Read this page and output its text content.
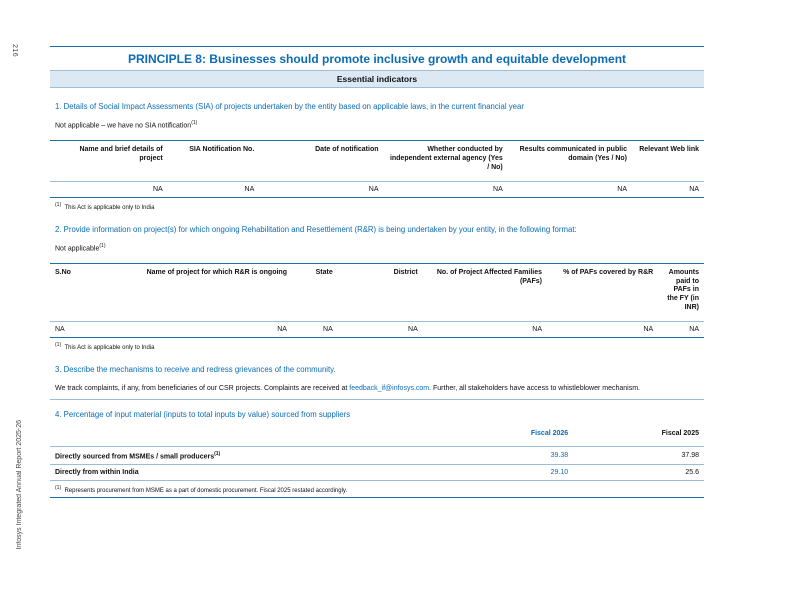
216
Infosys Integrated Annual Report 2025-26
PRINCIPLE 8: Businesses should promote inclusive growth and equitable development
Essential indicators
1. Details of Social Impact Assessments (SIA) of projects undertaken by the entity based on applicable laws, in the current financial year
Not applicable – we have no SIA notification$^{(1)}$
Name and brief details of project	SIA Notification No.	Date of notification	Whether conducted by independent external agency (Yes / No)	Results communicated in public domain (Yes / No)	Relevant Web link
NA	NA	NA	NA	NA	NA
$^{(1)}$ This Act is applicable only to India
2. Provide information on project(s) for which ongoing Rehabilitation and Resettlement (R&R) is being undertaken by your entity, in the following format:
Not applicable$^{(1)}$
S.No	Name of project for which R&R is ongoing	State	District	No. of Project Affected Families (PAFs)	% of PAFs covered by R&R	Amounts paid to PAFs in the FY (in INR)
NA	NA	NA	NA	NA	NA	NA
$^{(1)}$ This Act is applicable only to India
3. Describe the mechanisms to receive and redress grievances of the community.
We track complaints, if any, from beneficiaries of our CSR projects. Complaints are received at feedback_if@infosys.com. Further, all stakeholders have access to whistleblower mechanism.
4. Percentage of input material (inputs to total inputs by value) sourced from suppliers
	Fiscal 2026	Fiscal 2025
Directly sourced from MSMEs / small producers$^{(1)}$	39.38	37.98
Directly from within India	29.10	25.6
$^{(1)}$ Represents procurement from MSME as a part of domestic procurement. Fiscal 2025 restated accordingly.
